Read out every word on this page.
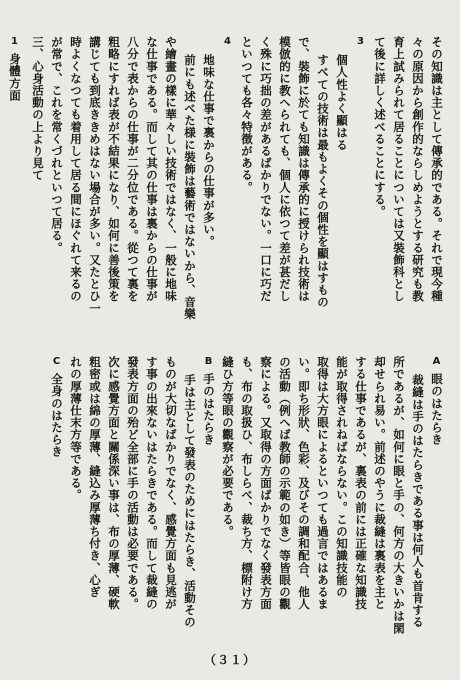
その知識は主として傳承的である。それで現今種

々の原因から創作的ならしめようとする研究も教

育上試みられて居ることについては又裝飾科とし

て後に詳しく述べることにする。

3

個人性よく顯はる

すべての技術は最もよくその個性を顯はすもの

で、裝飾に於ても知識は傳承的に授けられ技術は

模倣的に教へられても、個人に依つて差が甚だし

く殊に巧拙の差があるばかりでない。一口に巧だ

といつても各々特徴がある。

4

地味な仕事で裏からの仕事が多い。

前にも述べた様に裝飾は藝術ではないから、音樂

や繪畫の樣に華々しい技術ではなく、一般に地味

な仕事である。而して其の仕事は裏からの仕事が

八分で表からの仕事が二分位である。從つて裏を

粗略にすれば表が不結果になり、如何に善後策を

講じても到底ききめはない場合が多い。又たとひ一

時よくなつても着用して居る間にほぐれて来るの

が常で、これを常くづれといつて居る。

三、心身活動の上より見て

1

身體方面

A

眼のはたらき

裁縫は手のはたらきである事は何人も首肯する

所であるが、如何に眼と手の、何方の大きいかは閑

却せられ易い。前述のやうに裁縫は裏表を主と

する仕事であるが、裏表の前には正確な知識技

能が取得されねばならない。この知識技能の

取得は大方眼によるといつても過言ではあるま

い。即ち形狀、色彩、及びその調和配合、他人

の活動（例へば教師の示範の如き）等皆眼の觀

察による。又取得の方面ばかりでなく發表方面

も、布の取扱ひ、布しらべ、裁ち方、標附け方

縫ひ方等眼の觀察が必要である。

B

手のはたらき

手は主として發表のためにはたらき、活動その

ものが大切なばかりでなく、感覺方面も見逃が

す事の出來ないはたらきである。而して裁縫の

發表方面の殆ど全部に手の活動は必要である。

次に感覺方面と關係深い事は、布の厚薄、硬軟

粗密或は綿の厚薄、縫込み厚薄ち付き、心ぎ

れの厚薄仕末方等である。

C

全身のはたらき

（３１）
